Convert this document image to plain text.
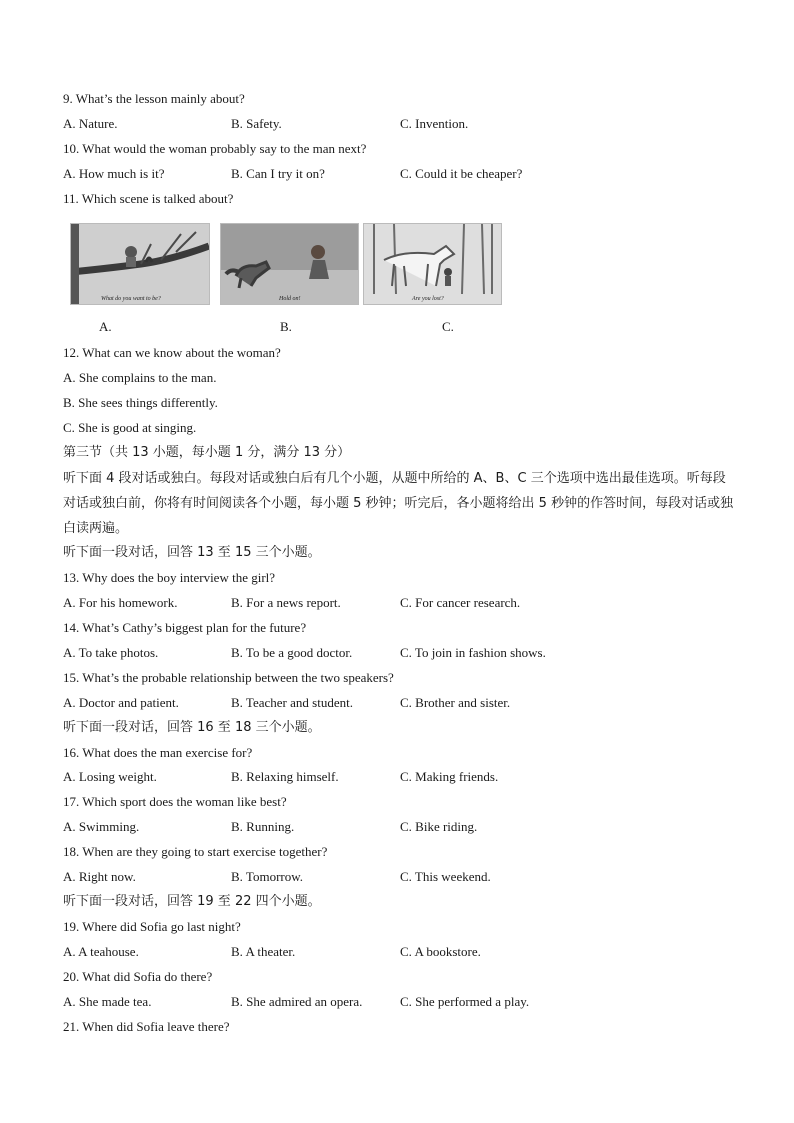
9. What’s the lesson mainly about?
A. Nature.	B. Safety.	C. Invention.
10. What would the woman probably say to the man next?
A. How much is it?	B. Can I try it on?	C. Could it be cheaper?
11. Which scene is talked about?
What do you want to be?	Hold on!	Are you lost?
A.	B.	C.
12. What can we know about the woman?
A. She complains to the man.
B. She sees things differently.
C. She is good at singing.
第三节（共 13 小题，每小题 1 分，满分 13 分）
听下面 4 段对话或独白。每段对话或独白后有几个小题，从题中所给的 A、B、C 三个选项中选出最佳选项。听每段对话或独白前，你将有时间阅读各个小题，每小题 5 秒钟；听完后，各小题将给出 5 秒钟的作答时间，每段对话或独白读两遍。
听下面一段对话，回答 13 至 15 三个小题。
13. Why does the boy interview the girl?
A. For his homework.	B. For a news report.	C. For cancer research.
14. What’s Cathy’s biggest plan for the future?
A. To take photos.	B. To be a good doctor.	C. To join in fashion shows.
15. What’s the probable relationship between the two speakers?
A. Doctor and patient.	B. Teacher and student.	C. Brother and sister.
听下面一段对话，回答 16 至 18 三个小题。
16. What does the man exercise for?
A. Losing weight.	B. Relaxing himself.	C. Making friends.
17. Which sport does the woman like best?
A. Swimming.	B. Running.	C. Bike riding.
18. When are they going to start exercise together?
A. Right now.	B. Tomorrow.	C. This weekend.
听下面一段对话，回答 19 至 22 四个小题。
19. Where did Sofia go last night?
A. A teahouse.	B. A theater.	C. A bookstore.
20. What did Sofia do there?
A. She made tea.	B. She admired an opera.	C. She performed a play.
21. When did Sofia leave there?
